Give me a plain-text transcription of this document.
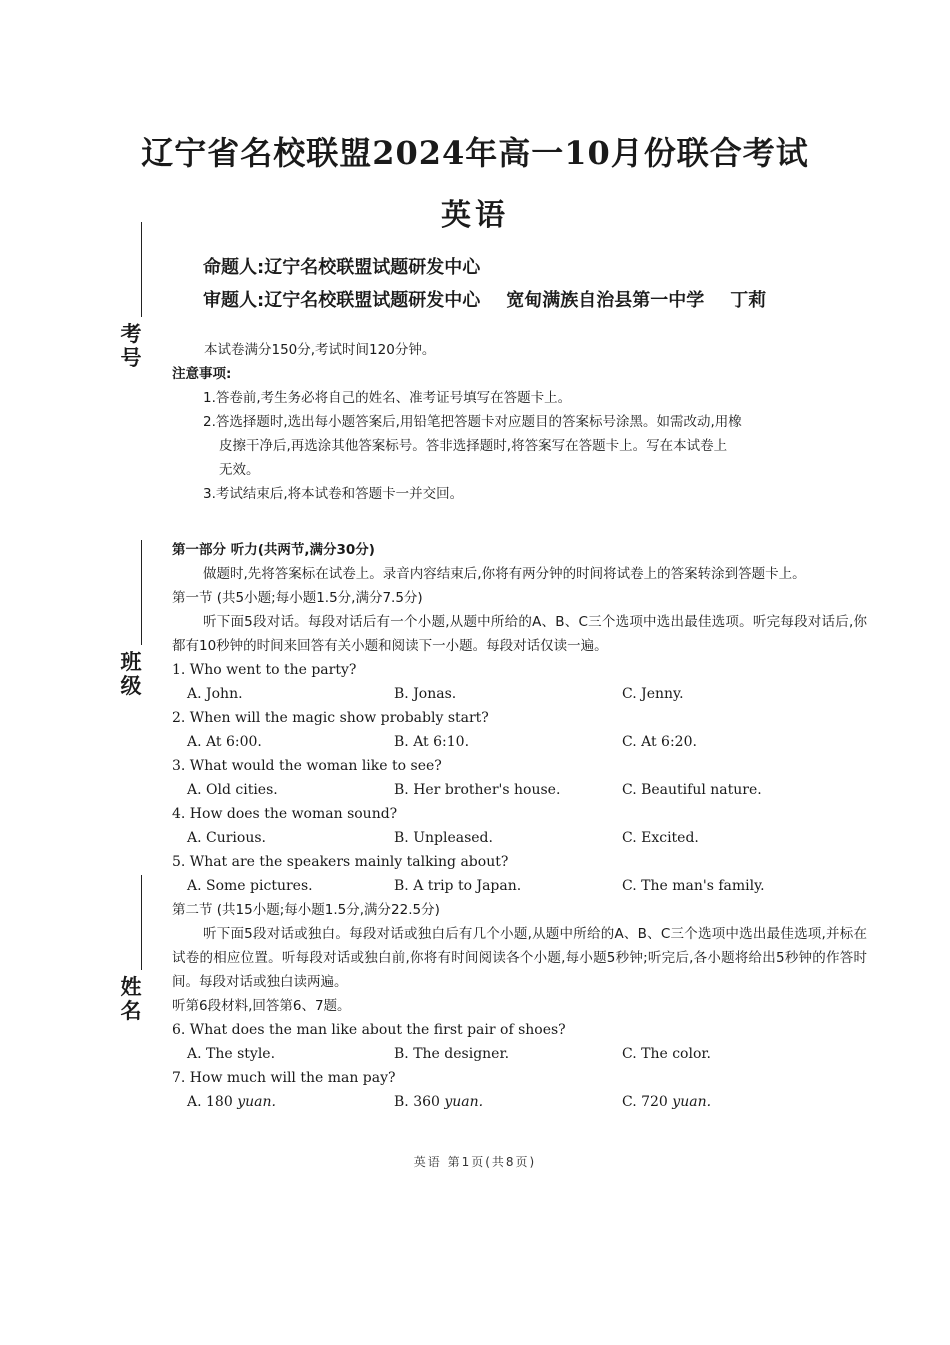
考号
班级
姓名
辽宁省名校联盟2024年高一10月份联合考试
英语
命题人:辽宁名校联盟试题研发中心
审题人:辽宁名校联盟试题研发中心 宽甸满族自治县第一中学 丁莉
本试卷满分150分,考试时间120分钟。
注意事项:
1.答卷前,考生务必将自己的姓名、准考证号填写在答题卡上。
2.答选择题时,选出每小题答案后,用铅笔把答题卡对应题目的答案标号涂黑。如需改动,用橡
皮擦干净后,再选涂其他答案标号。答非选择题时,将答案写在答题卡上。写在本试卷上
无效。
3.考试结束后,将本试卷和答题卡一并交回。
第一部分 听力(共两节,满分30分)
做题时,先将答案标在试卷上。录音内容结束后,你将有两分钟的时间将试卷上的答案转涂到答题卡上。
第一节 (共5小题;每小题1.5分,满分7.5分)
听下面5段对话。每段对话后有一个小题,从题中所给的A、B、C三个选项中选出最佳选项。听完每段对话后,你都有10秒钟的时间来回答有关小题和阅读下一小题。每段对话仅读一遍。
1. Who went to the party?
A. John.	B. Jonas.	C. Jenny.
2. When will the magic show probably start?
A. At 6:00.	B. At 6:10.	C. At 6:20.
3. What would the woman like to see?
A. Old cities.	B. Her brother's house.	C. Beautiful nature.
4. How does the woman sound?
A. Curious.	B. Unpleased.	C. Excited.
5. What are the speakers mainly talking about?
A. Some pictures.	B. A trip to Japan.	C. The man's family.
第二节 (共15小题;每小题1.5分,满分22.5分)
听下面5段对话或独白。每段对话或独白后有几个小题,从题中所给的A、B、C三个选项中选出最佳选项,并标在试卷的相应位置。听每段对话或独白前,你将有时间阅读各个小题,每小题5秒钟;听完后,各小题将给出5秒钟的作答时间。每段对话或独白读两遍。
听第6段材料,回答第6、7题。
6. What does the man like about the first pair of shoes?
A. The style.	B. The designer.	C. The color.
7. How much will the man pay?
A. 180 yuan.	B. 360 yuan.	C. 720 yuan.
英语 第1页(共8页)
